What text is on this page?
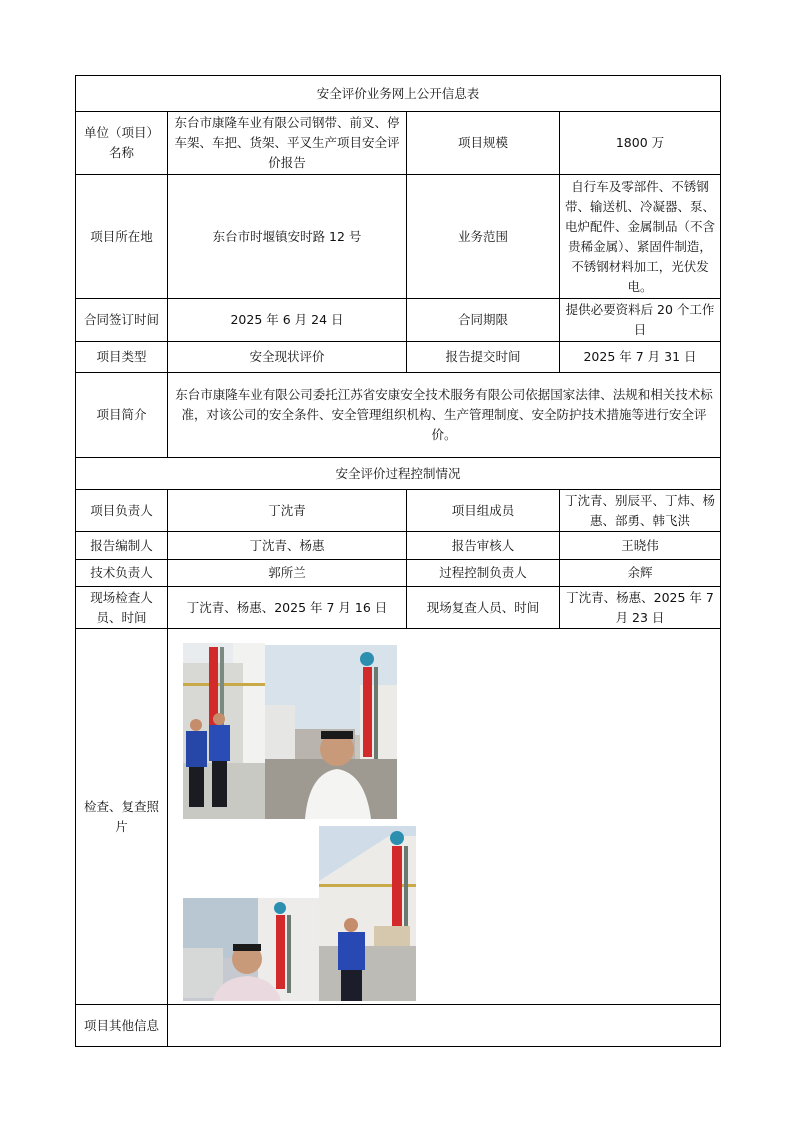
安全评价业务网上公开信息表			
单位（项目）名称	东台市康隆车业有限公司钢带、前叉、停车架、车把、货架、平叉生产项目安全评价报告	项目规模	1800 万
项目所在地	东台市时堰镇安时路 12 号	业务范围	自行车及零部件、不锈钢带、输送机、冷凝器、泵、电炉配件、金属制品（不含贵稀金属）、紧固件制造，不锈钢材料加工，光伏发电。
合同签订时间	2025 年 6 月 24 日	合同期限	提供必要资料后 20 个工作日
项目类型	安全现状评价	报告提交时间	2025 年 7 月 31 日
项目简介	东台市康隆车业有限公司委托江苏省安康安全技术服务有限公司依据国家法律、法规和相关技术标准，对该公司的安全条件、安全管理组织机构、生产管理制度、安全防护技术措施等进行安全评价。		
安全评价过程控制情况			
项目负责人	丁沈青	项目组成员	丁沈青、别辰平、丁炜、杨惠、部勇、韩飞洪
报告编制人	丁沈青、杨惠	报告审核人	王晓伟
技术负责人	郭所兰	过程控制负责人	余辉
现场检查人员、时间	丁沈青、杨惠、2025 年 7 月 16 日	现场复查人员、时间	丁沈青、杨惠、2025 年 7 月 23 日
检查、复查照片	

项目其他信息			
